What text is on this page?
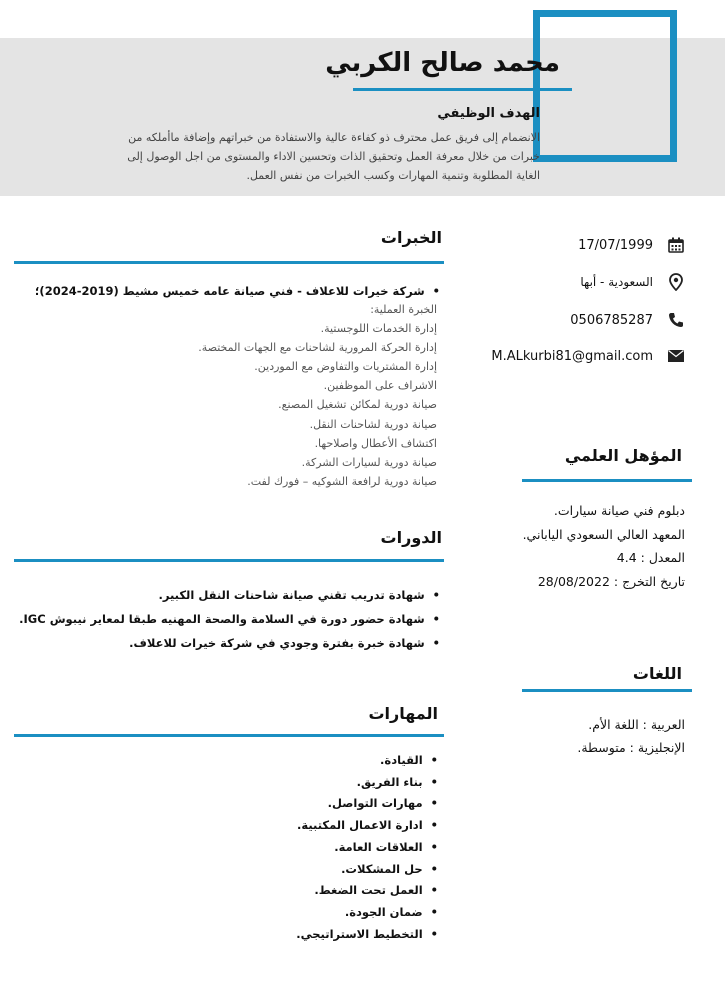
محمد صالح الكربي
الهدف الوظيفي
الانضمام إلى فريق عمل محترف ذو كفاءة عالية والاستفادة من خبراتهم وإضافة ماأملكه من خبرات من خلال معرفة العمل وتحقيق الذات وتحسين الاداء والمستوى من اجل الوصول إلى الغاية المطلوبة وتنمية المهارات وكسب الخبرات من نفس العمل.
17/07/1999
السعودية - أبها
0506785287
M.ALkurbi81@gmail.com
المؤهل العلمي
دبلوم فني صيانة سيارات.
المعهد العالي السعودي الياباني.
المعدل : 4.4
تاريخ التخرج : 28/08/2022
اللغات
العربية : اللغة الأم.
الإنجليزية : متوسطة.
الخبرات
•شركة خيرات للاعلاف - فني صيانة عامه خميس مشيط (2019-2024)؛
الخبرة العملية:
إدارة الخدمات اللوجستية.
إدارة الحركة المرورية لشاحنات مع الجهات المختصة.
إدارة المشتريات والتفاوض مع الموردين.
الاشراف على الموظفين.
صيانة دورية لمكائن تشغيل المصنع.
صيانة دورية لشاحنات النقل.
اكتشاف الأعطال واصلاحها.
صيانة دورية لسيارات الشركة.
صيانة دورية لرافعة الشوكيه – فورك لفت.
الدورات
• شهادة تدريب تقني صيانة شاحنات النقل الكبير.
• شهادة حضور دورة في السلامة والصحة المهنيه طبقا لمعاير نيبوش IGC.
• شهادة خبرة بفترة وجودي في شركة خيرات للاعلاف.
المهارات
• القيادة.
• بناء الفريق.
• مهارات التواصل.
• ادارة الاعمال المكتبية.
• العلاقات العامة.
• حل المشكلات.
• العمل تحت الضغط.
• ضمان الجودة.
• التخطيط الاستراتيجي.
